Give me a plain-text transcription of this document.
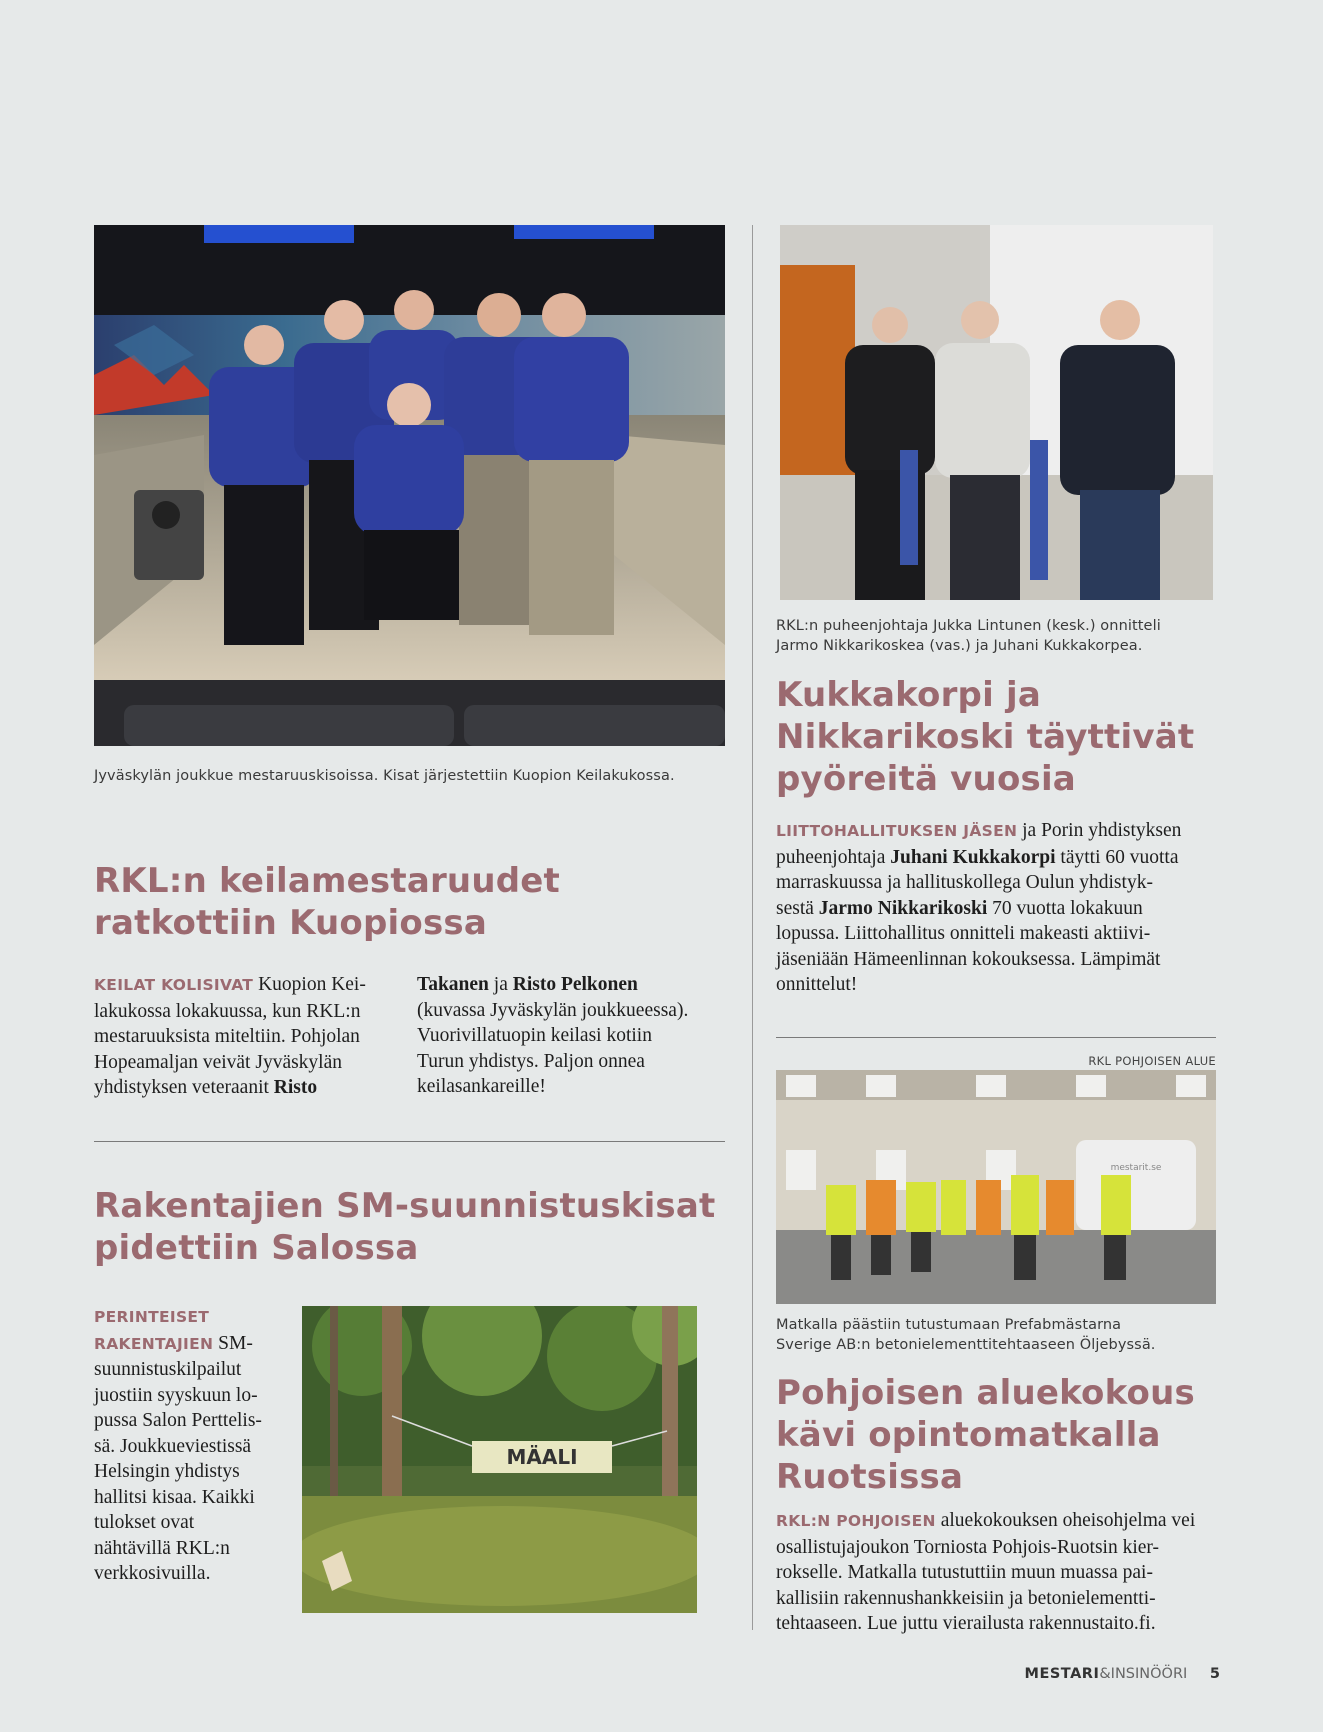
Jyväskylän joukkue mestaruuskisoissa. Kisat järjestettiin Kuopion Keilakukossa.
RKL:n keilamestaruudet
ratkottiin Kuopiossa
KEILAT KOLISIVAT Kuopion Kei-
lakukossa lokakuussa, kun RKL:n
mestaruuksista miteltiin. Pohjolan
Hopeamaljan veivät Jyväskylän
yhdistyksen veteraanit Risto
Takanen ja Risto Pelkonen
(kuvassa Jyväskylän joukkueessa).
Vuorivillatuopin keilasi kotiin
Turun yhdistys. Paljon onnea
keilasankareille!
Rakentajien SM-suunnistuskisat
pidettiin Salossa
PERINTEISET
RAKENTAJIEN SM-
suunnistuskilpailut
juostiin syyskuun lo-
pussa Salon Perttelis-
sä. Joukkueviestissä
Helsingin yhdistys
hallitsi kisaa. Kaikki
tulokset ovat
nähtävillä RKL:n
verkkosivuilla.
MÄALI
RKL:n puheenjohtaja Jukka Lintunen (kesk.) onnitteli
Jarmo Nikkarikoskea (vas.) ja Juhani Kukkakorpea.
Kukkakorpi ja
Nikkarikoski täyttivät
pyöreitä vuosia
LIITTOHALLITUKSEN JÄSEN ja Porin yhdistyksen
puheenjohtaja Juhani Kukkakorpi täytti 60 vuotta
marraskuussa ja hallituskollega Oulun yhdistyk-
sestä Jarmo Nikkarikoski 70 vuotta lokakuun
lopussa. Liittohallitus onnitteli makeasti aktiivi-
jäseniään Hämeenlinnan kokouksessa. Lämpimät
onnittelut!
RKL POHJOISEN ALUE
mestarit.se
Matkalla päästiin tutustumaan Prefabmästarna
Sverige AB:n betonielementtitehtaaseen Öljebyssä.
Pohjoisen aluekokous
kävi opintomatkalla
Ruotsissa
RKL:N POHJOISEN aluekokouksen oheisohjelma vei
osallistujajoukon Torniosta Pohjois-Ruotsin kier-
rokselle. Matkalla tutustuttiin muun muassa pai-
kallisiin rakennushankkeisiin ja betonielementti-
tehtaaseen. Lue juttu vierailusta rakennustaito.fi.
MESTARI&INSINÖÖRI 5
